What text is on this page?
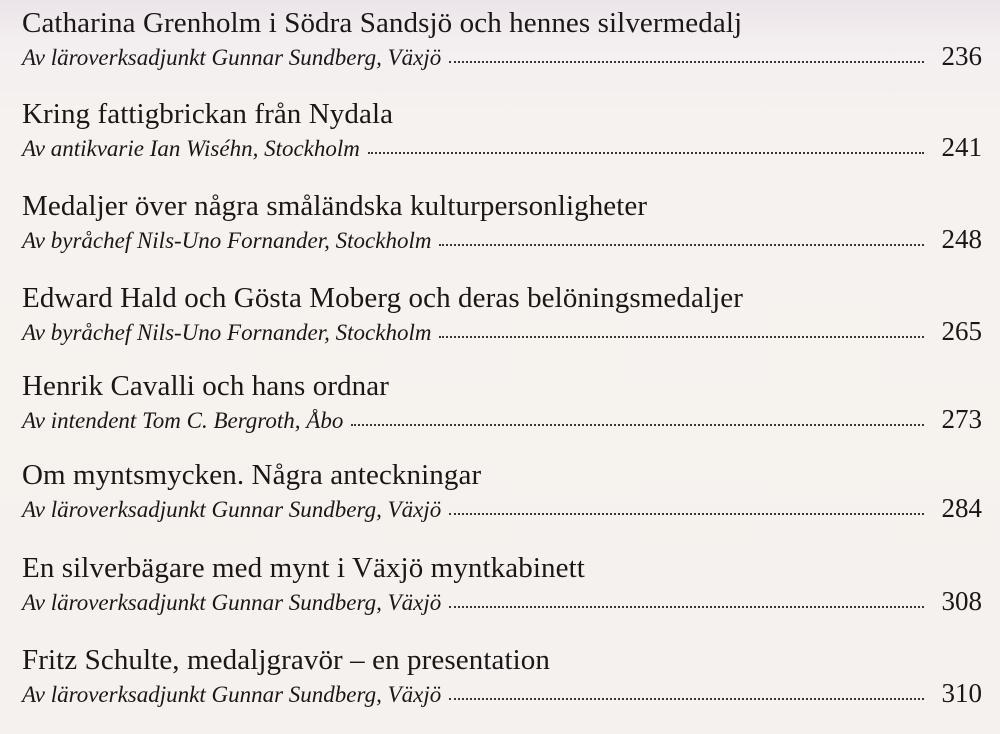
Catharina Grenholm i Södra Sandsjö och hennes silvermedalj
Av läroverksadjunkt Gunnar Sundberg, Växjö	236
Kring fattigbrickan från Nydala
Av antikvarie Ian Wiséhn, Stockholm	241
Medaljer över några småländska kulturpersonligheter
Av byråchef Nils-Uno Fornander, Stockholm	248
Edward Hald och Gösta Moberg och deras belöningsmedaljer
Av byråchef Nils-Uno Fornander, Stockholm	265
Henrik Cavalli och hans ordnar
Av intendent Tom C. Bergroth, Åbo	273
Om myntsmycken. Några anteckningar
Av läroverksadjunkt Gunnar Sundberg, Växjö	284
En silverbägare med mynt i Växjö myntkabinett
Av läroverksadjunkt Gunnar Sundberg, Växjö	308
Fritz Schulte, medaljgravör – en presentation
Av läroverksadjunkt Gunnar Sundberg, Växjö	310
